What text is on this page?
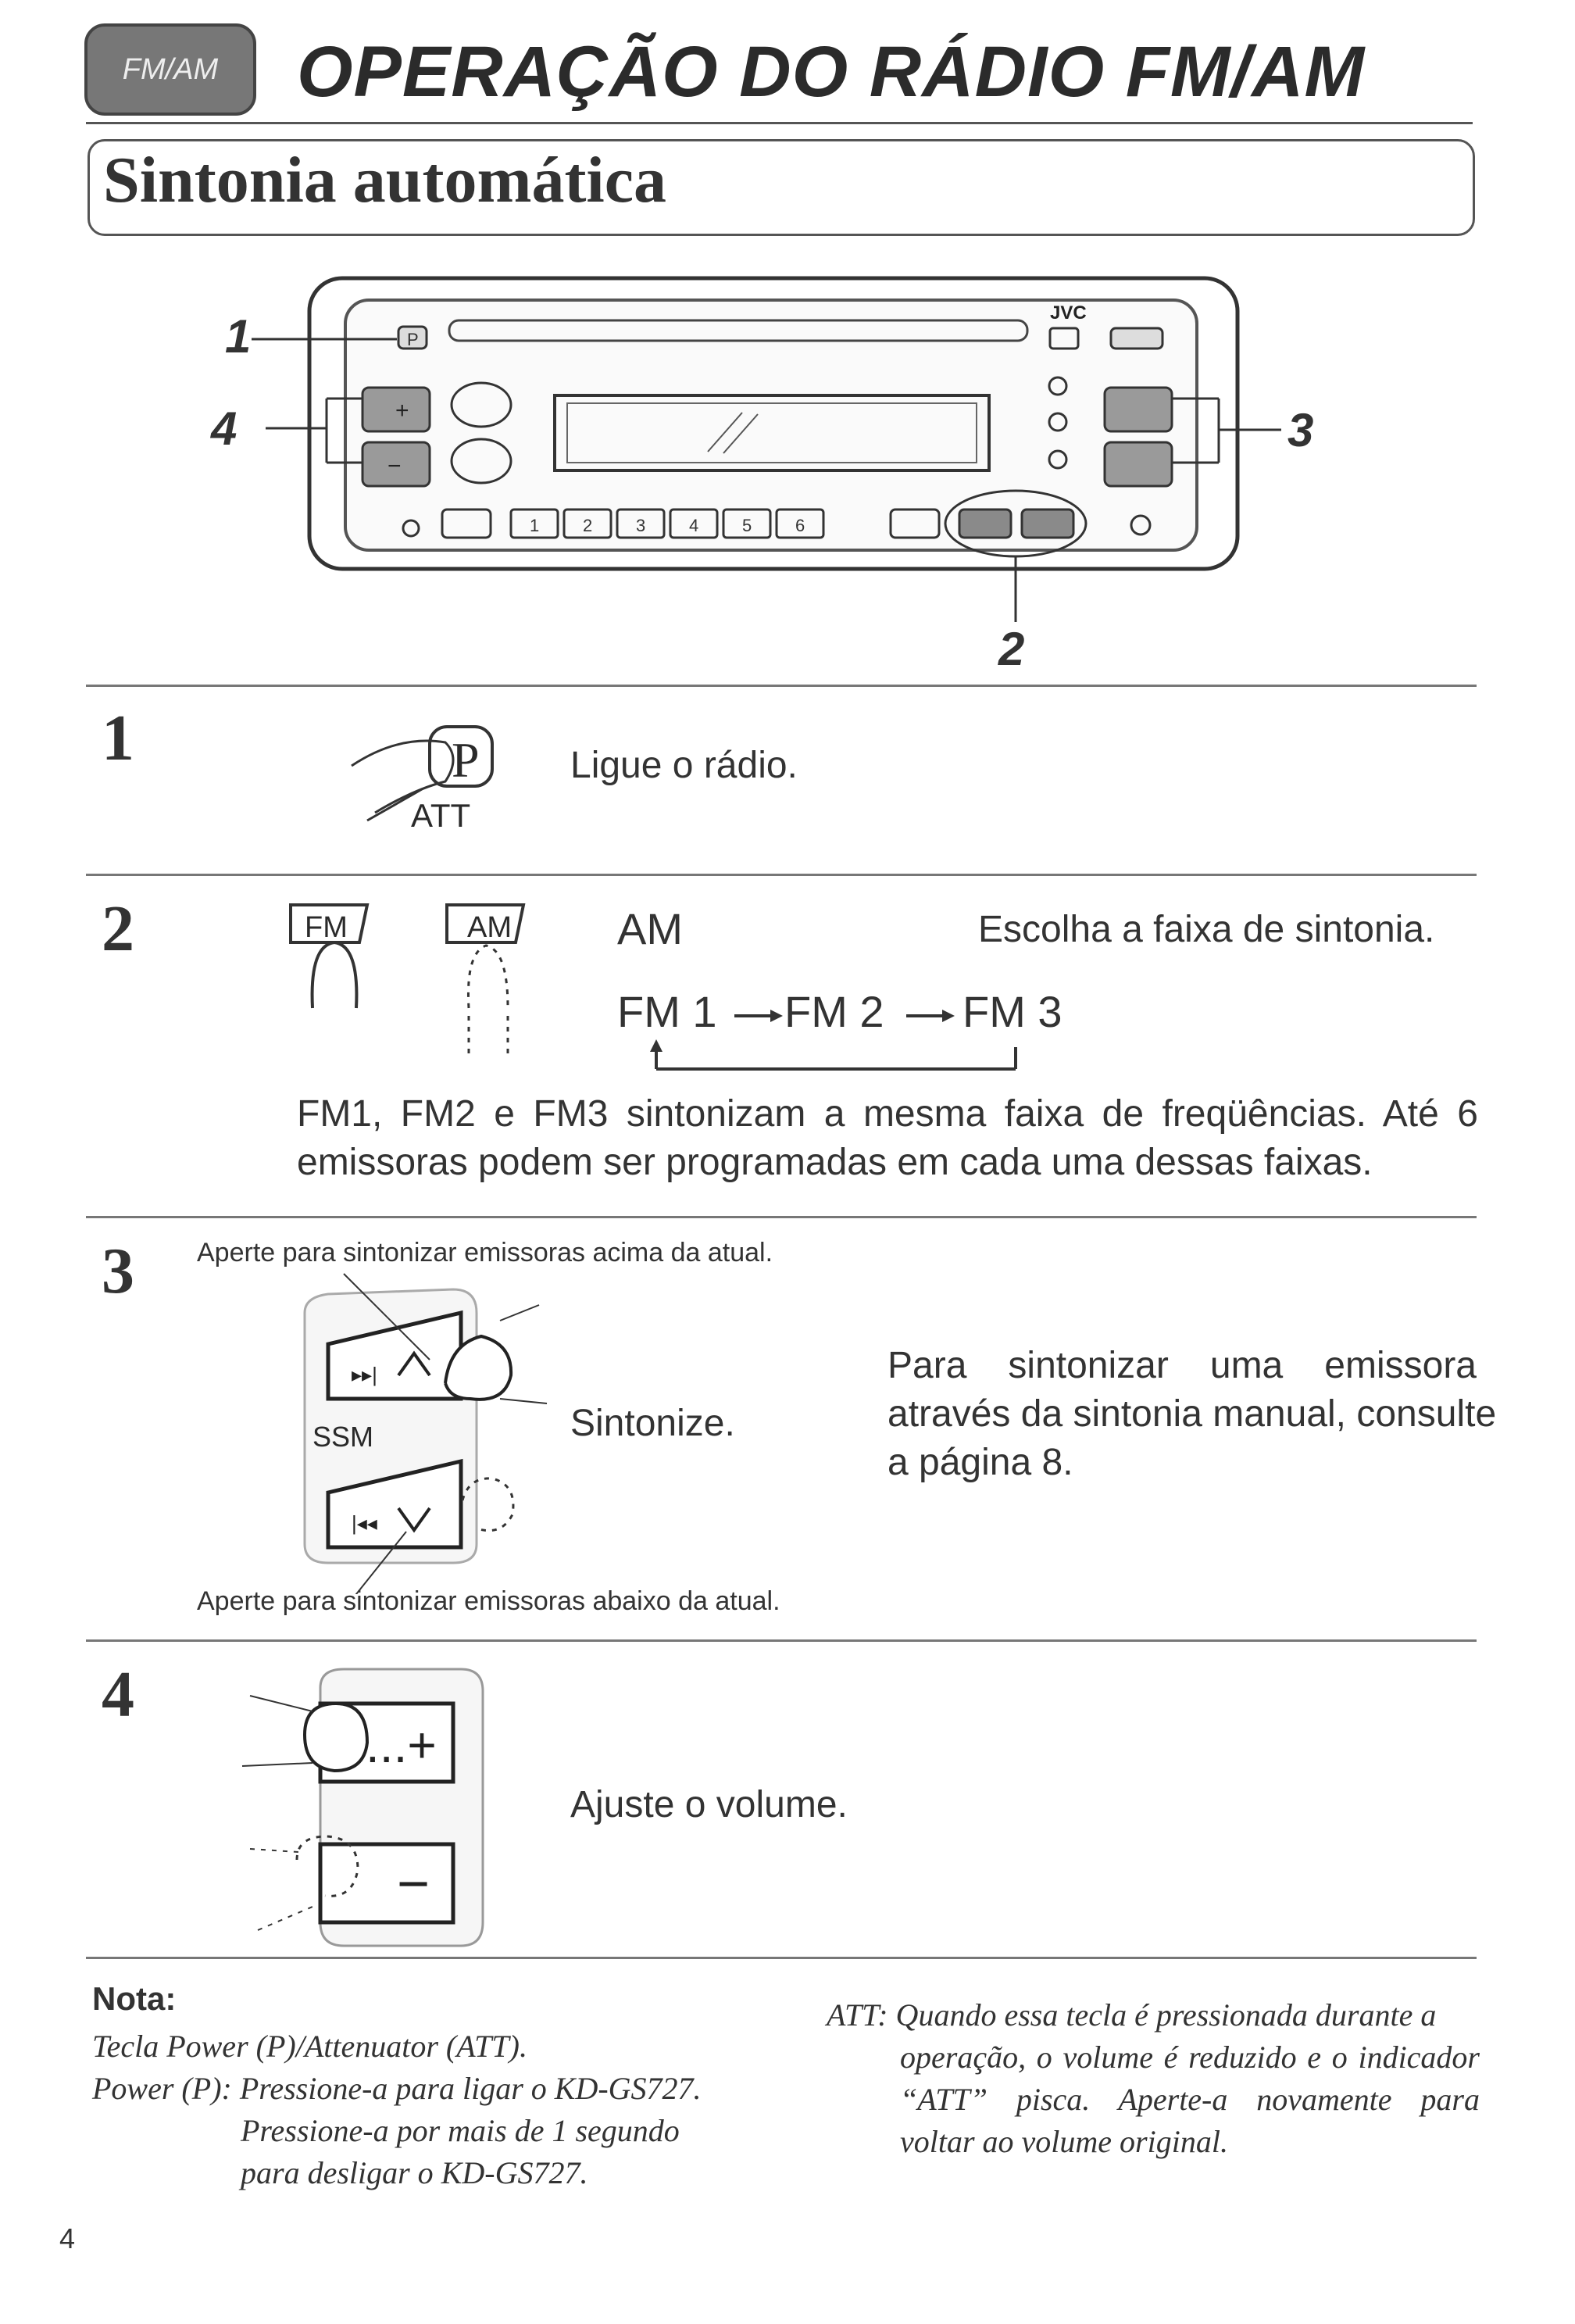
FM/AM	OPERAÇÃO DO RÁDIO FM/AM
Sintonia automática
P
JVC
+
−
1	2	3	4	5	6
1
4	3
2
1	P
ATT
Ligue o rádio.
2	FM	AM AM	Escolha a faixa de sintonia.
FM 1 FM 2 FM 3
FM1, FM2 e FM3 sintonizam a mesma faixa de freqüências. Até 6
emissoras podem ser programadas em cada uma dessas faixas.
3 Aperte para sintonizar emissoras acima da atual.
▸▸|
|◂◂
SSM	Sintonize.
Para sintonizar uma emissora
através da sintonia manual, consulte
a página 8.
Aperte para sintonizar emissoras abaixo da atual.
4
...+
−
Ajuste o volume.
Nota:
Tecla Power (P)/Attenuator (ATT).
Power (P): Pressione-a para ligar o KD-GS727.
Pressione-a por mais de 1 segundo
para desligar o KD-GS727.
ATT: Quando essa tecla é pressionada durante a
operação, o volume é reduzido e o indicador
“ATT” pisca. Aperte-a novamente para
voltar ao volume original.
4
